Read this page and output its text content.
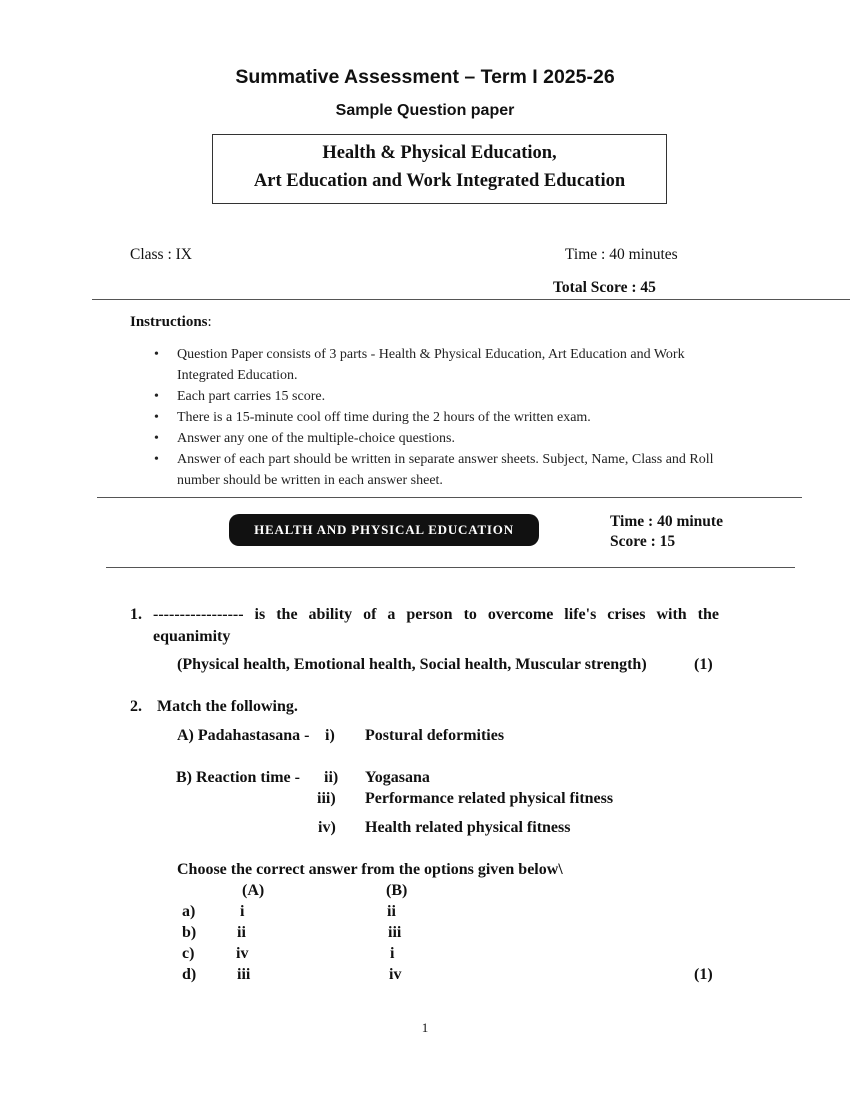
Summative Assessment – Term I 2025-26
Sample Question paper
Health & Physical Education,
Art Education and Work Integrated Education
Class : IX	Time : 40 minutes
Total Score : 45
Instructions:
• Question Paper consists of 3 parts - Health & Physical Education, Art Education and Work Integrated Education.
• Each part carries 15 score.
• There is a 15-minute cool off time during the 2 hours of the written exam.
• Answer any one of the multiple-choice questions.
• Answer of each part should be written in separate answer sheets. Subject, Name, Class and Roll number should be written in each answer sheet.
HEALTH AND PHYSICAL EDUCATION	Time : 40 minute
Score : 15
1. ----------------- is the ability of a person to overcome life's crises with the
equanimity
(Physical health, Emotional health, Social health, Muscular strength)	(1)
2. Match the following.
A) Padahastasana - i) Postural deformities
B) Reaction time - ii) Yogasana
iii) Performance related physical fitness
iv) Health related physical fitness
Choose the correct answer from the options given below\
(A)	(B)
a)	i	ii
b)	ii	iii
c)	iv	i
d)	iii	iv	(1)
1
